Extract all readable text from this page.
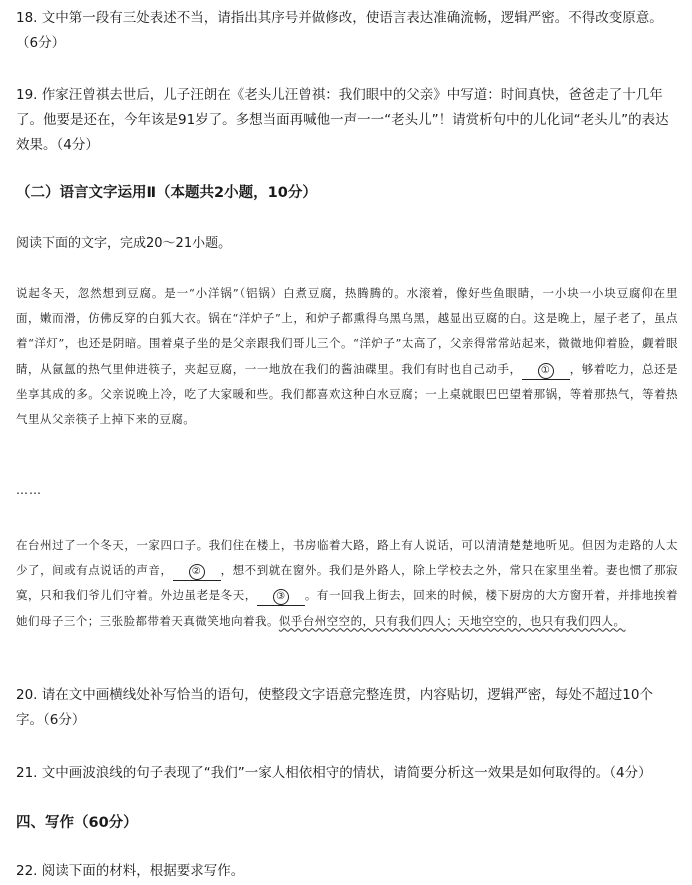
18. 文中第一段有三处表述不当，请指出其序号并做修改，使语言表达准确流畅，逻辑严密。不得改变原意。
（6分）
19. 作家汪曾祺去世后，儿子汪朗在《老头儿汪曾祺：我们眼中的父亲》中写道：时间真快，爸爸走了十几年了。他要是还在，今年该是91岁了。多想当面再喊他一声一一“老头儿”！请赏析句中的儿化词“老头儿”的表达效果。（4分）
（二）语言文字运用Ⅱ（本题共2小题，10分）
阅读下面的文字，完成20～21小题。
说起冬天，忽然想到豆腐。是一“小洋锅”（铝锅）白煮豆腐，热腾腾的。水滚着，像好些鱼眼睛，一小块一小块豆腐仰在里面，嫩而滑，仿佛反穿的白狐大衣。锅在“洋炉子”上，和炉子都熏得乌黑乌黑，越显出豆腐的白。这是晚上，屋子老了，虽点着“洋灯”，也还是阴暗。围着桌子坐的是父亲跟我们哥儿三个。“洋炉子”太高了，父亲得常常站起来，微微地仰着脸，觑着眼睛，从氤氲的热气里伸进筷子，夹起豆腐，一一地放在我们的酱油碟里。我们有时也自己动手， ① ，够着吃力，总还是坐享其成的多。父亲说晚上冷，吃了大家暖和些。我们都喜欢这种白水豆腐；一上桌就眼巴巴望着那锅，等着那热气，等着热气里从父亲筷子上掉下来的豆腐。
……
在台州过了一个冬天，一家四口子。我们住在楼上，书房临着大路，路上有人说话，可以清清楚楚地听见。但因为走路的人太少了，间或有点说话的声音， ② ，想不到就在窗外。我们是外路人，除上学校去之外，常只在家里坐着。妻也惯了那寂寞，只和我们爷儿们守着。外边虽老是冬天， ③ 。有一回我上街去，回来的时候，楼下厨房的大方窗开着，并排地挨着她们母子三个；三张脸都带着天真微笑地向着我。似乎台州空空的，只有我们四人；天地空空的，也只有我们四人。
20. 请在文中画横线处补写恰当的语句，使整段文字语意完整连贯，内容贴切，逻辑严密，每处不超过10个字。（6分）
21. 文中画波浪线的句子表现了“我们”一家人相依相守的情状，请简要分析这一效果是如何取得的。（4分）
四、写作（60分）
22. 阅读下面的材料，根据要求写作。
